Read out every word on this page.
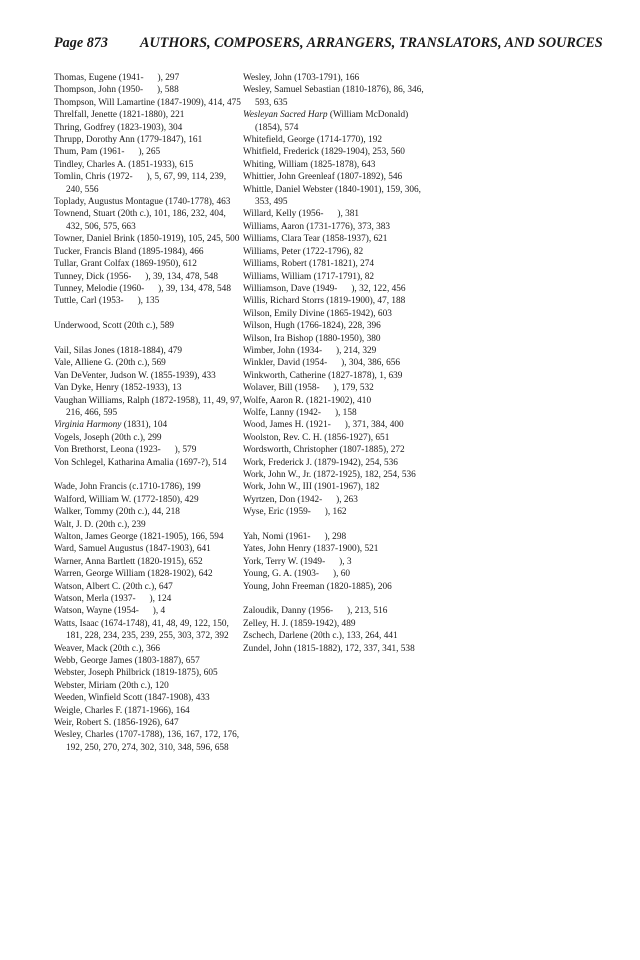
Page 873 AUTHORS, COMPOSERS, ARRANGERS, TRANSLATORS, AND SOURCES

Thomas, Eugene (1941-  ), 297

Thompson, John (1950-  ), 588

Thompson, Will Lamartine (1847-1909), 414, 475

Threlfall, Jenette (1821-1880), 221

Thring, Godfrey (1823-1903), 304

Thrupp, Dorothy Ann (1779-1847), 161

Thum, Pam (1961-  ), 265

Tindley, Charles A. (1851-1933), 615

Tomlin, Chris (1972-  ), 5, 67, 99, 114, 239, 240, 556

Toplady, Augustus Montague (1740-1778), 463

Townend, Stuart (20th c.), 101, 186, 232, 404, 432, 506, 575, 663

Towner, Daniel Brink (1850-1919), 105, 245, 500

Tucker, Francis Bland (1895-1984), 466

Tullar, Grant Colfax (1869-1950), 612

Tunney, Dick (1956-  ), 39, 134, 478, 548

Tunney, Melodie (1960-  ), 39, 134, 478, 548

Tuttle, Carl (1953-  ), 135

Underwood, Scott (20th c.), 589

Vail, Silas Jones (1818-1884), 479

Vale, Alliene G. (20th c.), 569

Van DeVenter, Judson W. (1855-1939), 433

Van Dyke, Henry (1852-1933), 13

Vaughan Williams, Ralph (1872-1958), 11, 49, 97, 216, 466, 595

Virginia Harmony (1831), 104

Vogels, Joseph (20th c.), 299

Von Brethorst, Leona (1923-  ), 579

Von Schlegel, Katharina Amalia (1697-?), 514

Wade, John Francis (c.1710-1786), 199

Walford, William W. (1772-1850), 429

Walker, Tommy (20th c.), 44, 218

Walt, J. D. (20th c.), 239

Walton, James George (1821-1905), 166, 594

Ward, Samuel Augustus (1847-1903), 641

Warner, Anna Bartlett (1820-1915), 652

Warren, George William (1828-1902), 642

Watson, Albert C. (20th c.), 647

Watson, Merla (1937-  ), 124

Watson, Wayne (1954-  ), 4

Watts, Isaac (1674-1748), 41, 48, 49, 122, 150, 181, 228, 234, 235, 239, 255, 303, 372, 392

Weaver, Mack (20th c.), 366

Webb, George James (1803-1887), 657

Webster, Joseph Philbrick (1819-1875), 605

Webster, Miriam (20th c.), 120

Weeden, Winfield Scott (1847-1908), 433

Weigle, Charles F. (1871-1966), 164

Weir, Robert S. (1856-1926), 647

Wesley, Charles (1707-1788), 136, 167, 172, 176, 192, 250, 270, 274, 302, 310, 348, 596, 658

Wesley, John (1703-1791), 166

Wesley, Samuel Sebastian (1810-1876), 86, 346, 593, 635

Wesleyan Sacred Harp (William McDonald) (1854), 574

Whitefield, George (1714-1770), 192

Whitfield, Frederick (1829-1904), 253, 560

Whiting, William (1825-1878), 643

Whittier, John Greenleaf (1807-1892), 546

Whittle, Daniel Webster (1840-1901), 159, 306, 353, 495

Willard, Kelly (1956-  ), 381

Williams, Aaron (1731-1776), 373, 383

Williams, Clara Tear (1858-1937), 621

Williams, Peter (1722-1796), 82

Williams, Robert (1781-1821), 274

Williams, William (1717-1791), 82

Williamson, Dave (1949-  ), 32, 122, 456

Willis, Richard Storrs (1819-1900), 47, 188

Wilson, Emily Divine (1865-1942), 603

Wilson, Hugh (1766-1824), 228, 396

Wilson, Ira Bishop (1880-1950), 380

Wimber, John (1934-  ), 214, 329

Winkler, David (1954-  ), 304, 386, 656

Winkworth, Catherine (1827-1878), 1, 639

Wolaver, Bill (1958-  ), 179, 532

Wolfe, Aaron R. (1821-1902), 410

Wolfe, Lanny (1942-  ), 158

Wood, James H. (1921-  ), 371, 384, 400

Woolston, Rev. C. H. (1856-1927), 651

Wordsworth, Christopher (1807-1885), 272

Work, Frederick J. (1879-1942), 254, 536

Work, John W., Jr. (1872-1925), 182, 254, 536

Work, John W., III (1901-1967), 182

Wyrtzen, Don (1942-  ), 263

Wyse, Eric (1959-  ), 162

Yah, Nomi (1961-  ), 298

Yates, John Henry (1837-1900), 521

York, Terry W. (1949-  ), 3

Young, G. A. (1903-  ), 60

Young, John Freeman (1820-1885), 206

Zaloudik, Danny (1956-  ), 213, 516

Zelley, H. J. (1859-1942), 489

Zschech, Darlene (20th c.), 133, 264, 441

Zundel, John (1815-1882), 172, 337, 341, 538
